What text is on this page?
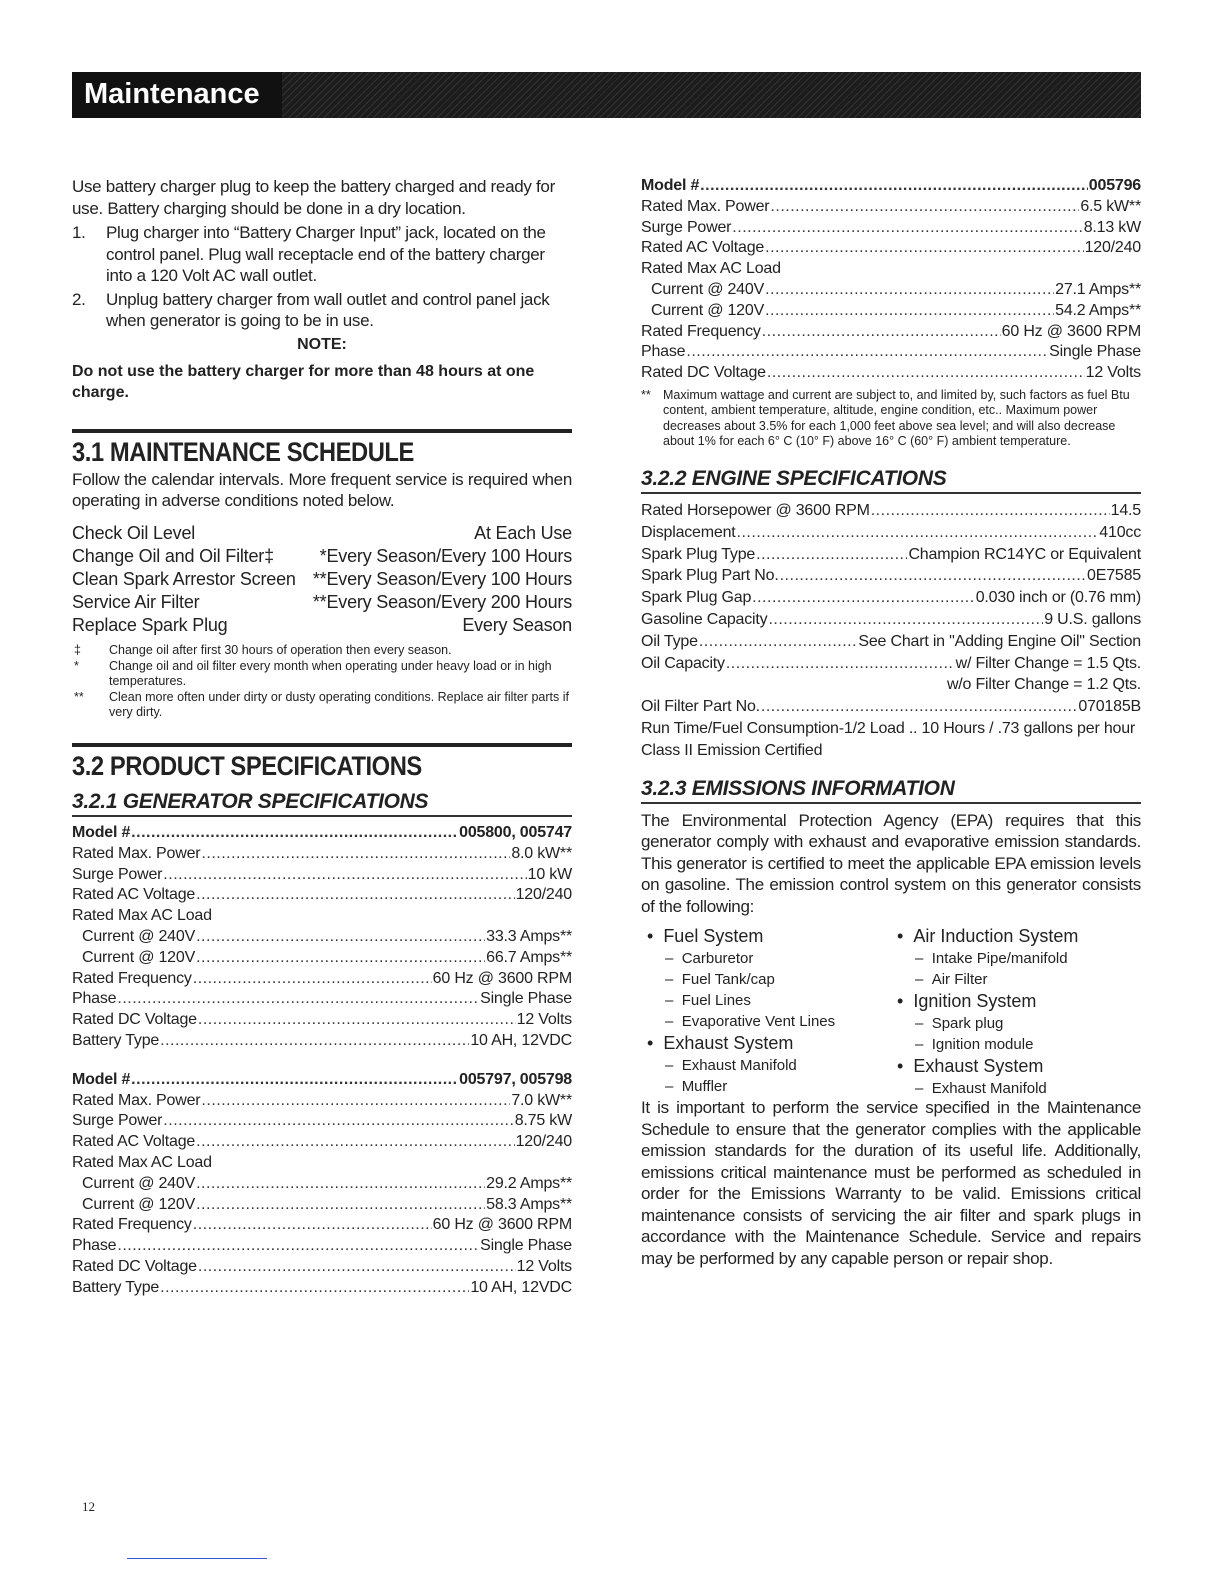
Maintenance

Use battery charger plug to keep the battery charged and ready for use. Battery charging should be done in a dry location.

1. Plug charger into “Battery Charger Input” jack, located on the control panel. Plug wall receptacle end of the battery charger into a 120 Volt AC wall outlet.
2. Unplug battery charger from wall outlet and control panel jack when generator is going to be in use.
NOTE:
Do not use the battery charger for more than 48 hours at one charge.
3.1 MAINTENANCE SCHEDULE

Follow the calendar intervals. More frequent service is required when operating in adverse conditions noted below.

Check Oil Level	At Each Use
Change Oil and Oil Filter‡	*Every Season/Every 100 Hours
Clean Spark Arrestor Screen **Every Season/Every 100 Hours
Service Air Filter	**Every Season/Every 200 Hours
Replace Spark Plug	Every Season
‡	Change oil after first 30 hours of operation then every season.
*	Change oil and oil filter every month when operating under heavy load or in high temperatures.
**	Clean more often under dirty or dusty operating conditions. Replace air filter parts if very dirty.
3.2 PRODUCT SPECIFICATIONS
3.2.1 GENERATOR SPECIFICATIONS
Model # .....	005800, 005747
Rated Max. Power .....	8.0 kW**
Surge Power .....	10 kW
Rated AC Voltage .....	120/240
Rated Max AC Load
Current @ 240V .....	33.3 Amps**
Current @ 120V .....	66.7 Amps**
Rated Frequency .....	60 Hz @ 3600 RPM
Phase .....	Single Phase
Rated DC Voltage .....	12 Volts
Battery Type .....	10 AH, 12VDC
Model # .....	005797, 005798
Rated Max. Power .....	7.0 kW**
Surge Power .....	8.75 kW
Rated AC Voltage .....	120/240
Rated Max AC Load
Current @ 240V .....	29.2 Amps**
Current @ 120V .....	58.3 Amps**
Rated Frequency .....	60 Hz @ 3600 RPM
Phase .....	Single Phase
Rated DC Voltage .....	12 Volts
Battery Type .....	10 AH, 12VDC
Model # .....	005796
Rated Max. Power .....	6.5 kW**
Surge Power .....	8.13 kW
Rated AC Voltage .....	120/240
Rated Max AC Load
Current @ 240V .....	27.1 Amps**
Current @ 120V .....	54.2 Amps**
Rated Frequency .....	60 Hz @ 3600 RPM
Phase .....	Single Phase
Rated DC Voltage .....	12 Volts
** Maximum wattage and current are subject to, and limited by, such factors as fuel Btu content, ambient temperature, altitude, engine condition, etc.. Maximum power decreases about 3.5% for each 1,000 feet above sea level; and will also decrease about 1% for each 6° C (10° F) above 16° C (60° F) ambient temperature.
3.2.2 ENGINE SPECIFICATIONS
Rated Horsepower @ 3600 RPM .....	14.5
Displacement .....	410cc
Spark Plug Type .....	Champion RC14YC or Equivalent
Spark Plug Part No. .....	0E7585
Spark Plug Gap .....	0.030 inch or (0.76 mm)
Gasoline Capacity .....	9 U.S. gallons
Oil Type .....	See Chart in "Adding Engine Oil" Section
Oil Capacity .....	w/ Filter Change = 1.5 Qts.
w/o Filter Change = 1.2 Qts.
Oil Filter Part No. .....	070185B
Run Time/Fuel Consumption-1/2 Load .. 10 Hours / .73 gallons per hour
Class II Emission Certified
3.2.3 EMISSIONS INFORMATION

The Environmental Protection Agency (EPA) requires that this generator comply with exhaust and evaporative emission standards. This generator is certified to meet the applicable EPA emission levels on gasoline. The emission control system on this generator consists of the following:

•  Fuel System
–  Carburetor
–  Fuel Tank/cap
–  Fuel Lines
–  Evaporative Vent Lines
•  Exhaust System
–  Exhaust Manifold
–  Muffler
•  Air Induction System
–  Intake Pipe/manifold
–  Air Filter
•  Ignition System
–  Spark plug
–  Ignition module
•  Exhaust System
–  Exhaust Manifold

It is important to perform the service specified in the Maintenance Schedule to ensure that the generator complies with the applicable emission standards for the duration of its useful life. Additionally, emissions critical maintenance must be performed as scheduled in order for the Emissions Warranty to be valid. Emissions critical maintenance consists of servicing the air filter and spark plugs in accordance with the Maintenance Schedule. Service and repairs may be performed by any capable person or repair shop.

12
